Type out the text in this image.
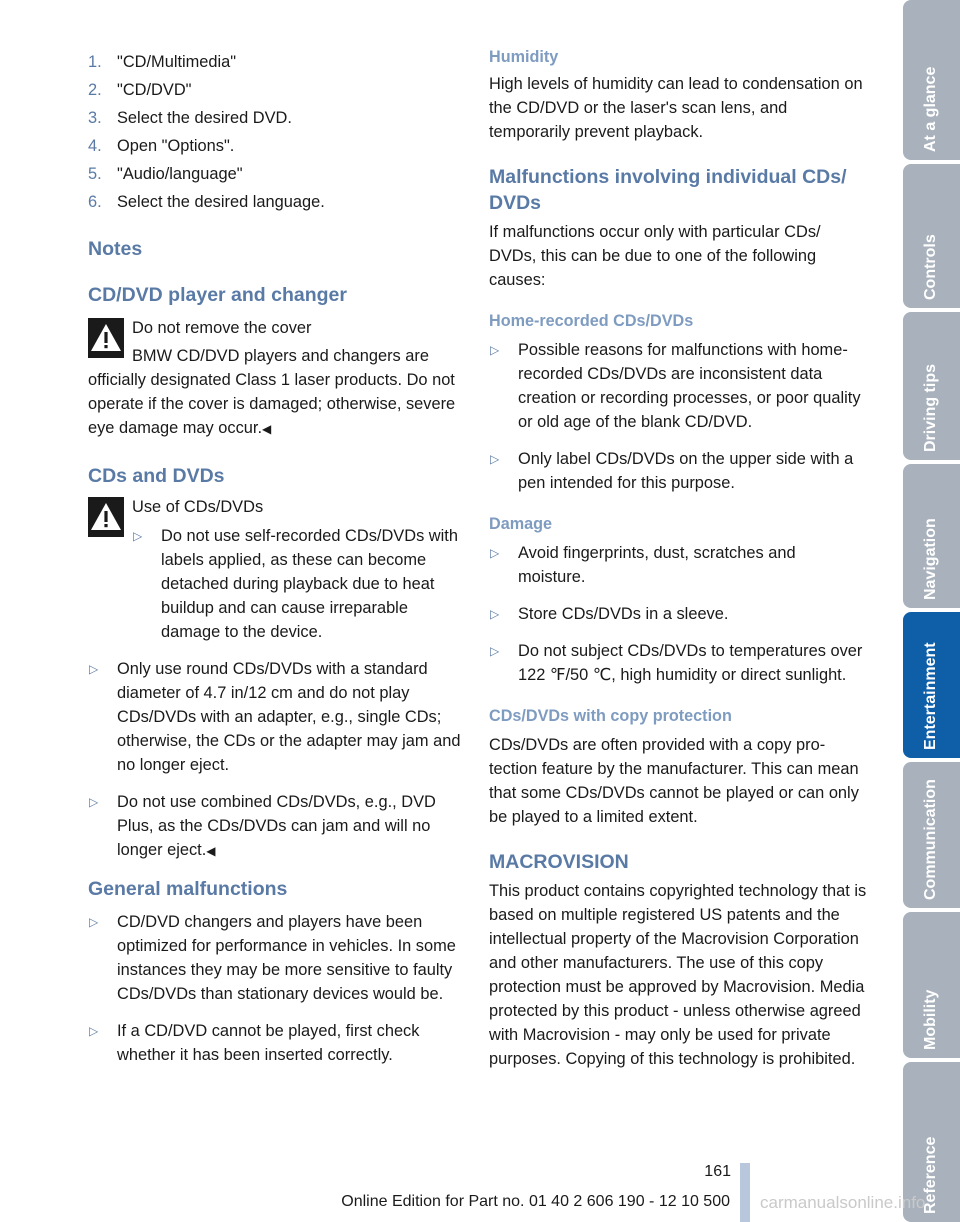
1. "CD/Multimedia"
2. "CD/DVD"
3. Select the desired DVD.
4. Open "Options".
5. "Audio/language"
6. Select the desired language.
Notes
CD/DVD player and changer

Do not remove the cover

BMW CD/DVD players and changers are

officially designated Class 1 laser products. Do not operate if the cover is damaged; otherwise, severe eye damage may occur.◀

CDs and DVDs

Use of CDs/DVDs

▷ Do not use self-recorded CDs/DVDs with labels applied, as these can become detached during playback due to heat buildup and can cause irreparable damage to the device.
▷ Only use round CDs/DVDs with a standard diameter of 4.7 in/12 cm and do not play CDs/DVDs with an adapter, e.g., single CDs; otherwise, the CDs or the adapter may jam and no longer eject.
▷ Do not use combined CDs/DVDs, e.g., DVD Plus, as the CDs/DVDs can jam and will no longer eject.◀
General malfunctions
▷ CD/DVD changers and players have been optimized for performance in vehicles. In some instances they may be more sensitive to faulty CDs/DVDs than stationary devices would be.
▷ If a CD/DVD cannot be played, first check whether it has been inserted correctly.
Humidity

High levels of humidity can lead to condensation on the CD/DVD or the laser's scan lens, and temporarily prevent playback.

Malfunctions involving individual CDs/ DVDs

If malfunctions occur only with particular CDs/ DVDs, this can be due to one of the following causes:

Home-recorded CDs/DVDs
▷ Possible reasons for malfunctions with home-recorded CDs/DVDs are inconsistent data creation or recording processes, or poor quality or old age of the blank CD/DVD.
▷ Only label CDs/DVDs on the upper side with a pen intended for this purpose.
Damage
▷ Avoid fingerprints, dust, scratches and moisture.
▷ Store CDs/DVDs in a sleeve.
▷ Do not subject CDs/DVDs to temperatures over 122 ℉/50 ℃, high humidity or direct sunlight.
CDs/DVDs with copy protection

CDs/DVDs are often provided with a copy protection feature by the manufacturer. This can mean that some CDs/DVDs cannot be played or can only be played to a limited extent.

MACROVISION

This product contains copyrighted technology that is based on multiple registered US patents and the intellectual property of the Macrovision Corporation and other manufacturers. The use of this copy protection must be approved by Macrovision. Media protected by this product - unless otherwise agreed with Macrovision - may only be used for private purposes. Copying of this technology is prohibited.

At a glance
Controls
Driving tips
Navigation
Entertainment
Communication
Mobility
Reference
161
Online Edition for Part no. 01 40 2 606 190 - 12 10 500 carmanualsonline.info
